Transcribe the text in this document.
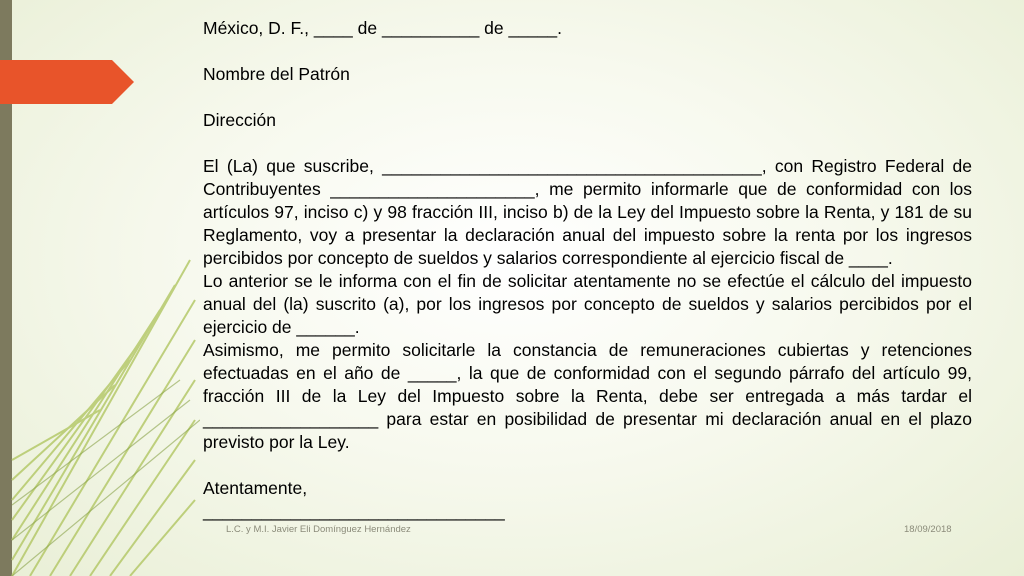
México, D. F., ____ de __________ de _____.

Nombre del Patrón

Dirección

El (La) que suscribe, _______________________________________, con Registro Federal de Contribuyentes _____________________, me permito informarle que de conformidad con los artículos 97, inciso c) y 98 fracción III, inciso b) de la Ley del Impuesto sobre la Renta, y 181 de su Reglamento, voy a presentar la declaración anual del impuesto sobre la renta por los ingresos percibidos por concepto de sueldos y salarios correspondiente al ejercicio fiscal de ____.

Lo anterior se le informa con el fin de solicitar atentamente no se efectúe el cálculo del impuesto anual del (la) suscrito (a), por los ingresos por concepto de sueldos y salarios percibidos por el ejercicio de ______.

Asimismo, me permito solicitarle la constancia de remuneraciones cubiertas y retenciones efectuadas en el año de _____, la que de conformidad con el segundo párrafo del artículo 99, fracción III de la Ley del Impuesto sobre la Renta, debe ser entregada a más tardar el __________________ para estar en posibilidad de presentar mi declaración anual en el plazo previsto por la Ley.

Atentamente,

_______________________________

L.C. y M.I. Javier Eli Domínguez Hernández	18/09/2018
